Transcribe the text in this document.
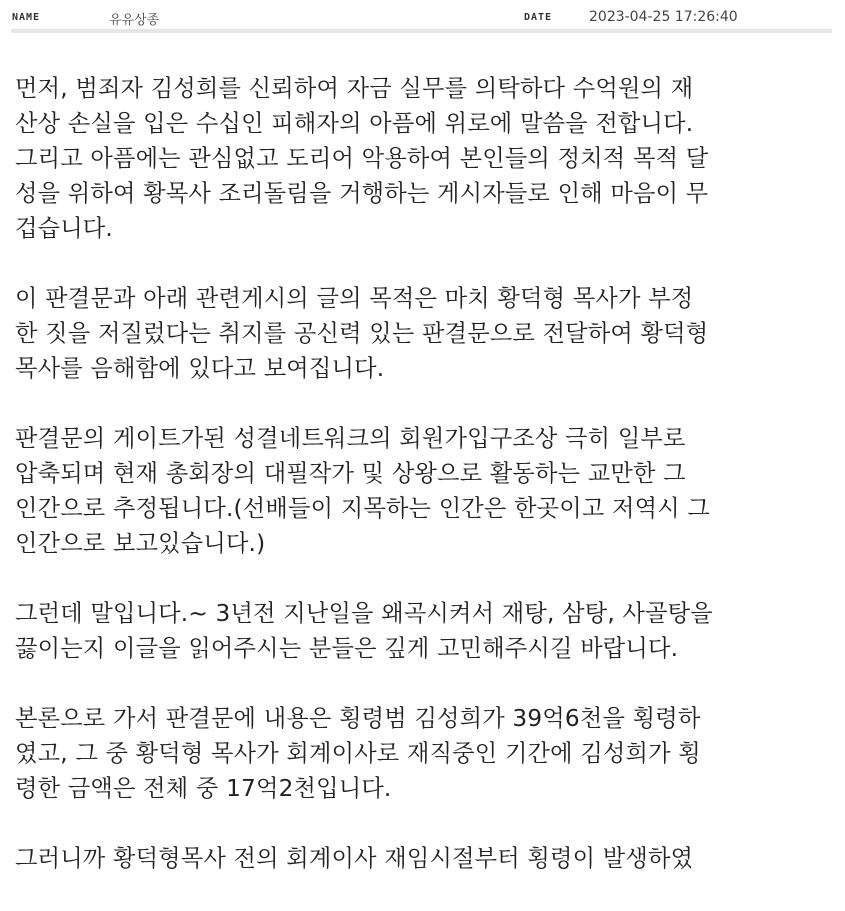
NAME	유유상종	DATE	2023-04-25 17:26:40
먼저, 범죄자 김성희를 신뢰하여 자금 실무를 의탁하다 수억원의 재
산상 손실을 입은 수십인 피해자의 아픔에 위로에 말씀을 전합니다.
그리고 아픔에는 관심없고 도리어 악용하여 본인들의 정치적 목적 달
성을 위하여 황목사 조리돌림을 거행하는 게시자들로 인해 마음이 무
겁습니다.
이 판결문과 아래 관련게시의 글의 목적은 마치 황덕형 목사가 부정
한 짓을 저질렀다는 취지를 공신력 있는 판결문으로 전달하여 황덕형
목사를 음해함에 있다고 보여집니다.
판결문의 게이트가된 성결네트워크의 회원가입구조상 극히 일부로
압축되며 현재 총회장의 대필작가 및 상왕으로 활동하는 교만한 그
인간으로 추정됩니다.(선배들이 지목하는 인간은 한곳이고 저역시 그
인간으로 보고있습니다.)
그런데 말입니다.~ 3년전 지난일을 왜곡시켜서 재탕, 삼탕, 사골탕을
끓이는지 이글을 읽어주시는 분들은 깊게 고민해주시길 바랍니다.
본론으로 가서 판결문에 내용은 횡령범 김성희가 39억6천을 횡령하
였고, 그 중 황덕형 목사가 회계이사로 재직중인 기간에 김성희가 횡
령한 금액은 전체 중 17억2천입니다.
그러니까 황덕형목사 전의 회계이사 재임시절부터 횡령이 발생하였
